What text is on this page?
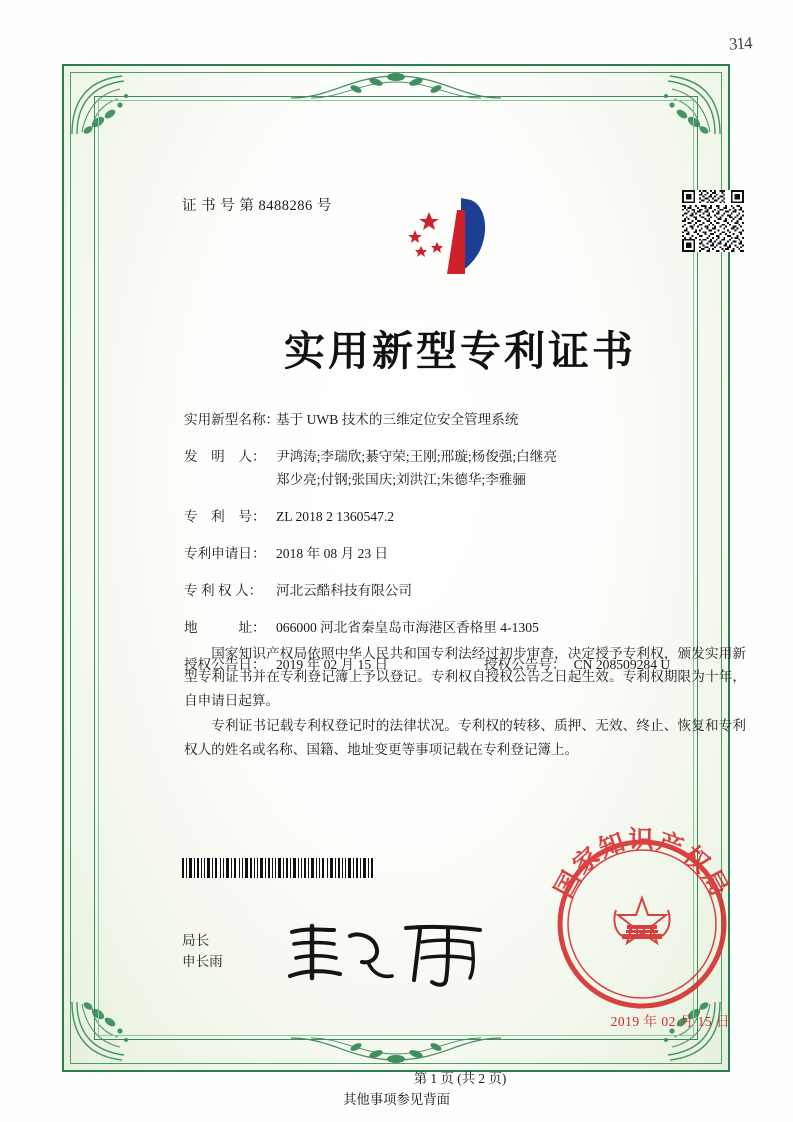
314
证 书 号 第 8488286 号
实用新型专利证书
实用新型名称：
基于 UWB 技术的三维定位安全管理系统
发　明　人： 尹鸿涛;李瑞欣;綦守荣;王刚;邢璇;杨俊强;白继亮
郑少亮;付钢;张国庆;刘洪江;朱德华;李雅骊
专　利　号： ZL 2018 2 1360547.2
专利申请日： 2018 年 08 月 23 日
专 利 权 人：	河北云酷科技有限公司
地　　　址： 066000 河北省秦皇岛市海港区香格里 4-1305
授权公告日： 2019 年 02 月 15 日	授权公告号： CN 208509284 U

国家知识产权局依照中华人民共和国专利法经过初步审查，决定授予专利权，颁发实用新型专利证书并在专利登记簿上予以登记。专利权自授权公告之日起生效。专利权期限为十年，自申请日起算。

专利证书记载专利权登记时的法律状况。专利权的转移、质押、无效、终止、恢复和专利权人的姓名或名称、国籍、地址变更等事项记载在专利登记簿上。

局长
申长雨
国家知识产权局
2019 年 02 月 15 日
第 1 页 (共 2 页)
其他事项参见背面
